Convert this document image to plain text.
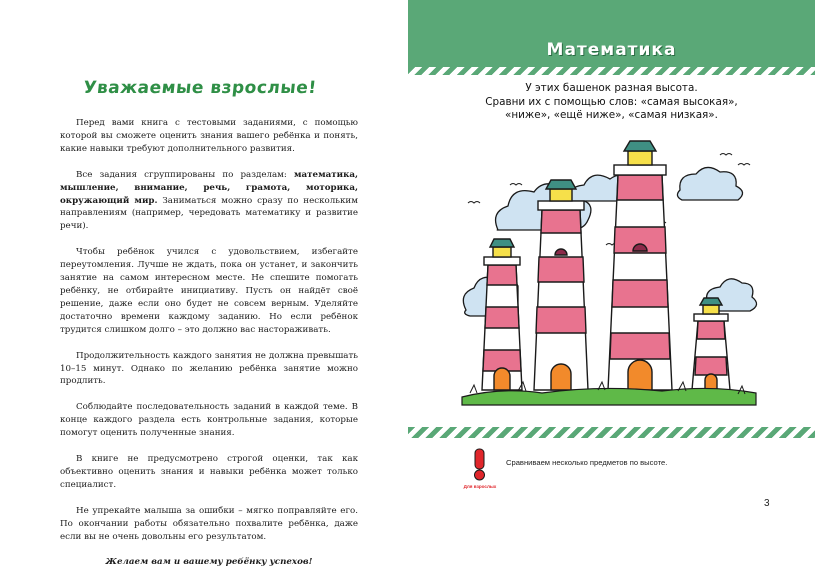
Уважаемые взрослые!

Перед вами книга с тестовыми заданиями, с помощью которой вы сможете оценить знания вашего ребёнка и понять, какие навыки требуют дополнительного развития.

Все задания сгруппированы по разделам: математика, мышление, внимание, речь, грамота, моторика, окружающий мир. Заниматься можно сразу по нескольким направлениям (например, чередовать математику и развитие речи).

Чтобы ребёнок учился с удовольствием, избегайте переутомления. Лучше не ждать, пока он устанет, и закончить занятие на самом интересном месте. Не спешите помогать ребёнку, не отбирайте инициативу. Пусть он найдёт своё решение, даже если оно будет не совсем верным. Уделяйте достаточно времени каждому заданию. Но если ребёнок трудится слишком долго – это должно вас настораживать.

Продолжительность каждого занятия не должна превышать 10–15 минут. Однако по желанию ребёнка занятие можно продлить.

Соблюдайте последовательность заданий в каждой теме. В конце каждого раздела есть контрольные задания, которые помогут оценить полученные знания.

В книге не предусмотрено строгой оценки, так как объективно оценить знания и навыки ребёнка может только специалист.

Не упрекайте малыша за ошибки – мягко поправляйте его. По окончании работы обязательно похвалите ребёнка, даже если вы не очень довольны его результатом.

Желаем вам и вашему ребёнку успехов!

Математика
У этих башенок разная высота.
Сравни их с помощью слов: «самая высокая»,
«ниже», «ещё ниже», «самая низкая».
Для взрослых
Сравниваем несколько предметов по высоте.
3
